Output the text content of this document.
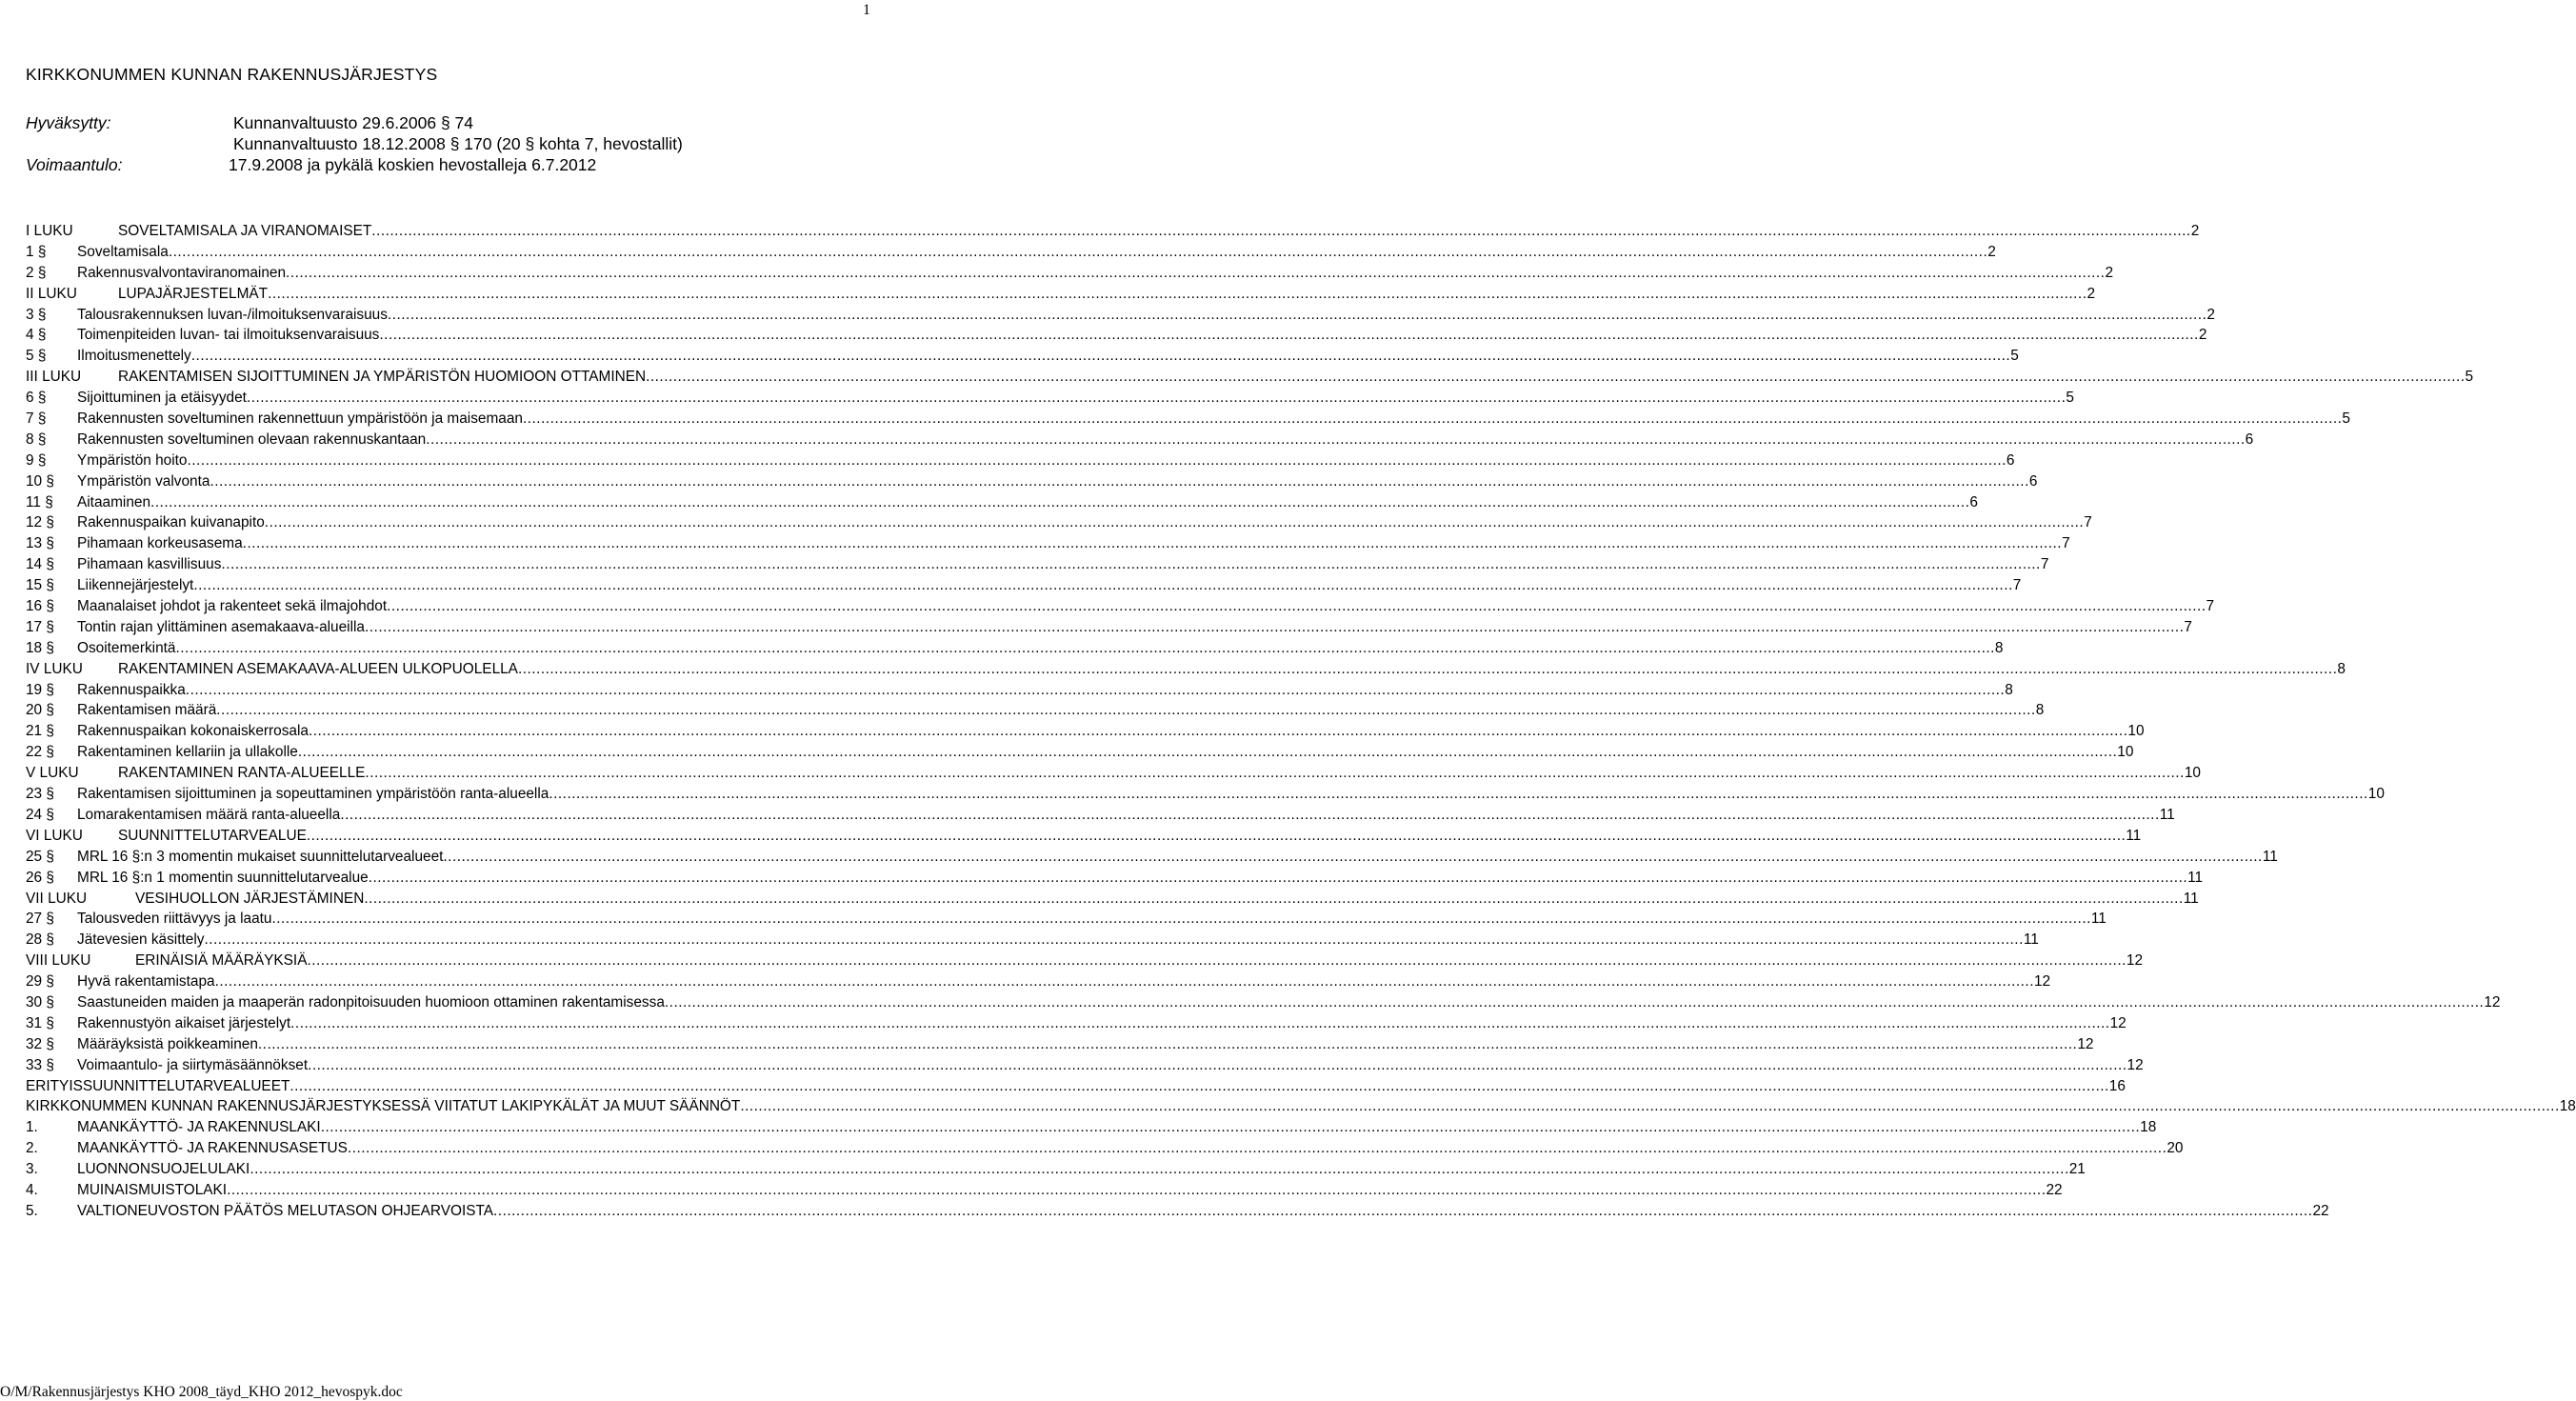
1
KIRKKONUMMEN KUNNAN RAKENNUSJÄRJESTYS
Hyväksytty:	Kunnanvaltuusto 29.6.2006 § 74
Kunnanvaltuusto 18.12.2008 § 170 (20 § kohta 7, hevostallit)
Voimaantulo:	17.9.2008 ja pykälä koskien hevostalleja 6.7.2012
I LUKU	SOVELTAMISALA JA VIRANOMAISET ................................................................................................................................................................................................................................................................................................................................................................................................................ 2
1 §	Soveltamisala ................................................................................................................................................................................................................................................................................................................................................................................................................ 2
2 §	Rakennusvalvontaviranomainen ................................................................................................................................................................................................................................................................................................................................................................................................................ 2
II LUKU	LUPAJÄRJESTELMÄT ................................................................................................................................................................................................................................................................................................................................................................................................................ 2
3 §	Talousrakennuksen luvan-/ilmoituksenvaraisuus ................................................................................................................................................................................................................................................................................................................................................................................................................ 2
4 §	Toimenpiteiden luvan- tai ilmoituksenvaraisuus ................................................................................................................................................................................................................................................................................................................................................................................................................ 2
5 §	Ilmoitusmenettely ................................................................................................................................................................................................................................................................................................................................................................................................................ 5
III LUKU	RAKENTAMISEN SIJOITTUMINEN JA YMPÄRISTÖN HUOMIOON OTTAMINEN ................................................................................................................................................................................................................................................................................................................................................................................................................ 5
6 §	Sijoittuminen ja etäisyydet ................................................................................................................................................................................................................................................................................................................................................................................................................ 5
7 §	Rakennusten soveltuminen rakennettuun ympäristöön ja maisemaan ................................................................................................................................................................................................................................................................................................................................................................................................................ 5
8 §	Rakennusten soveltuminen olevaan rakennuskantaan ................................................................................................................................................................................................................................................................................................................................................................................................................ 6
9 §	Ympäristön hoito ................................................................................................................................................................................................................................................................................................................................................................................................................ 6
10 §	Ympäristön valvonta ................................................................................................................................................................................................................................................................................................................................................................................................................ 6
11 §	Aitaaminen ................................................................................................................................................................................................................................................................................................................................................................................................................ 6
12 §	Rakennuspaikan kuivanapito ................................................................................................................................................................................................................................................................................................................................................................................................................ 7
13 §	Pihamaan korkeusasema ................................................................................................................................................................................................................................................................................................................................................................................................................ 7
14 §	Pihamaan kasvillisuus ................................................................................................................................................................................................................................................................................................................................................................................................................ 7
15 §	Liikennejärjestelyt ................................................................................................................................................................................................................................................................................................................................................................................................................ 7
16 §	Maanalaiset johdot ja rakenteet sekä ilmajohdot ................................................................................................................................................................................................................................................................................................................................................................................................................ 7
17 §	Tontin rajan ylittäminen asemakaava-alueilla ................................................................................................................................................................................................................................................................................................................................................................................................................ 7
18 §	Osoitemerkintä ................................................................................................................................................................................................................................................................................................................................................................................................................ 8
IV LUKU	RAKENTAMINEN ASEMAKAAVA-ALUEEN ULKOPUOLELLA ................................................................................................................................................................................................................................................................................................................................................................................................................ 8
19 §	Rakennuspaikka ................................................................................................................................................................................................................................................................................................................................................................................................................ 8
20 §	Rakentamisen määrä ................................................................................................................................................................................................................................................................................................................................................................................................................ 8
21 §	Rakennuspaikan kokonaiskerrosala ................................................................................................................................................................................................................................................................................................................................................................................................................ 10
22 §	Rakentaminen kellariin ja ullakolle ................................................................................................................................................................................................................................................................................................................................................................................................................ 10
V LUKU	RAKENTAMINEN RANTA-ALUEELLE ................................................................................................................................................................................................................................................................................................................................................................................................................ 10
23 §	Rakentamisen sijoittuminen ja sopeuttaminen ympäristöön ranta-alueella ................................................................................................................................................................................................................................................................................................................................................................................................................ 10
24 §	Lomarakentamisen määrä ranta-alueella ................................................................................................................................................................................................................................................................................................................................................................................................................ 11
VI LUKU	SUUNNITTELUTARVEALUE ................................................................................................................................................................................................................................................................................................................................................................................................................ 11
25 §	MRL 16 §:n 3 momentin mukaiset suunnittelutarvealueet ................................................................................................................................................................................................................................................................................................................................................................................................................ 11
26 §	MRL 16 §:n 1 momentin suunnittelutarvealue ................................................................................................................................................................................................................................................................................................................................................................................................................ 11
VII LUKU	VESIHUOLLON JÄRJESTÄMINEN ................................................................................................................................................................................................................................................................................................................................................................................................................ 11
27 §	Talousveden riittävyys ja laatu ................................................................................................................................................................................................................................................................................................................................................................................................................ 11
28 §	Jätevesien käsittely ................................................................................................................................................................................................................................................................................................................................................................................................................ 11
VIII LUKU	ERINÄISIÄ MÄÄRÄYKSIÄ ................................................................................................................................................................................................................................................................................................................................................................................................................ 12
29 §	Hyvä rakentamistapa ................................................................................................................................................................................................................................................................................................................................................................................................................ 12
30 §	Saastuneiden maiden ja maaperän radonpitoisuuden huomioon ottaminen rakentamisessa ................................................................................................................................................................................................................................................................................................................................................................................................................ 12
31 §	Rakennustyön aikaiset järjestelyt ................................................................................................................................................................................................................................................................................................................................................................................................................ 12
32 §	Määräyksistä poikkeaminen ................................................................................................................................................................................................................................................................................................................................................................................................................ 12
33 §	Voimaantulo- ja siirtymäsäännökset ................................................................................................................................................................................................................................................................................................................................................................................................................ 12
ERITYISSUUNNITTELUTARVEALUEET ................................................................................................................................................................................................................................................................................................................................................................................................................ 16
KIRKKONUMMEN KUNNAN RAKENNUSJÄRJESTYKSESSÄ VIITATUT LAKIPYKÄLÄT JA MUUT SÄÄNNÖT ................................................................................................................................................................................................................................................................................................................................................................................................................ 18
1.	MAANKÄYTTÖ- JA RAKENNUSLAKI ................................................................................................................................................................................................................................................................................................................................................................................................................ 18
2.	MAANKÄYTTÖ- JA RAKENNUSASETUS ................................................................................................................................................................................................................................................................................................................................................................................................................ 20
3.	LUONNONSUOJELULAKI ................................................................................................................................................................................................................................................................................................................................................................................................................ 21
4.	MUINAISMUISTOLAKI ................................................................................................................................................................................................................................................................................................................................................................................................................ 22
5.	VALTIONEUVOSTON PÄÄTÖS MELUTASON OHJEARVOISTA ................................................................................................................................................................................................................................................................................................................................................................................................................ 22
O/M/Rakennusjärjestys KHO 2008_täyd_KHO 2012_hevospyk.doc
